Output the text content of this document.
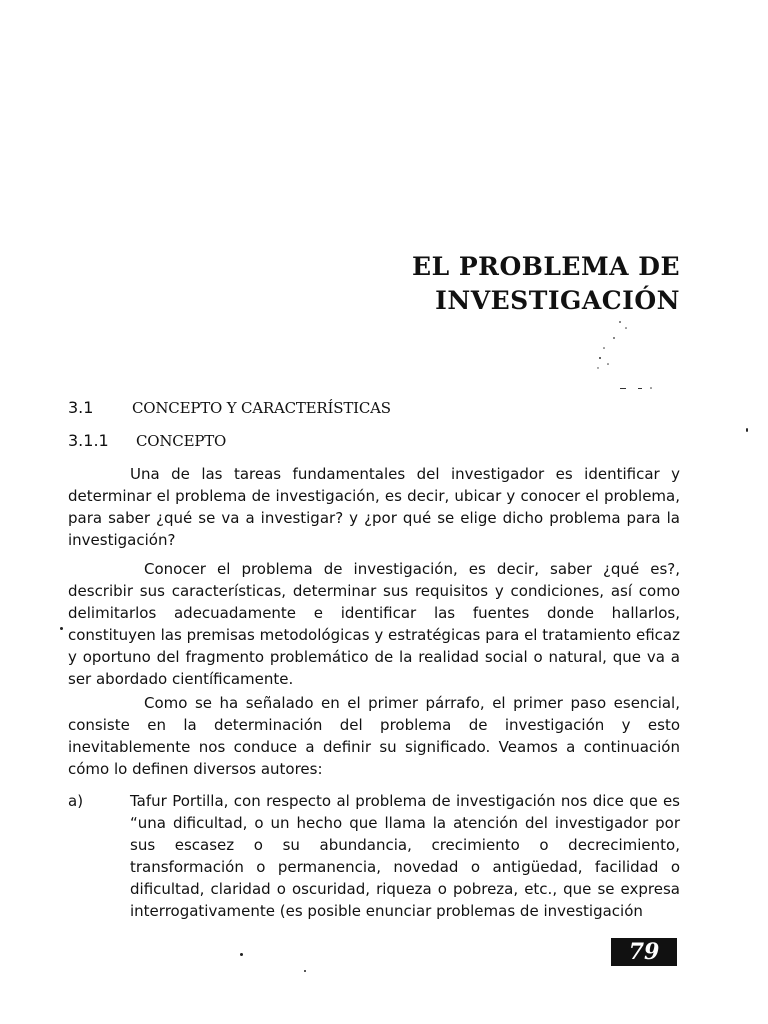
EL PROBLEMA DE
INVESTIGACIÓN
3.1	CONCEPTO Y CARACTERÍSTICAS
3.1.1 CONCEPTO

Una de las tareas fundamentales del investigador es identificar y determinar el problema de investigación, es decir, ubicar y conocer el problema, para saber ¿qué se va a investigar? y ¿por qué se elige dicho problema para la investigación?

Conocer el problema de investigación, es decir, saber ¿qué es?, describir sus características, determinar sus requisitos y condiciones, así como delimitarlos adecuadamente e identificar las fuentes donde hallarlos, constituyen las premisas metodológicas y estratégicas para el tratamiento eficaz y oportuno del fragmento problemático de la realidad social o natural, que va a ser abordado científicamente.

Como se ha señalado en el primer párrafo, el primer paso esencial, consiste en la determinación del problema de investigación y esto inevitablemente nos conduce a definir su significado. Veamos a continuación cómo lo definen diversos autores:

a)	Tafur Portilla, con respecto al problema de investigación nos dice que es “una dificultad, o un hecho que llama la atención del investigador por sus escasez o su abundancia, crecimiento o decrecimiento, transformación o permanencia, novedad o antigüedad, facilidad o dificultad, claridad o oscuridad, riqueza o pobreza, etc., que se expresa interrogativamente (es posible enunciar problemas de investigación
79
